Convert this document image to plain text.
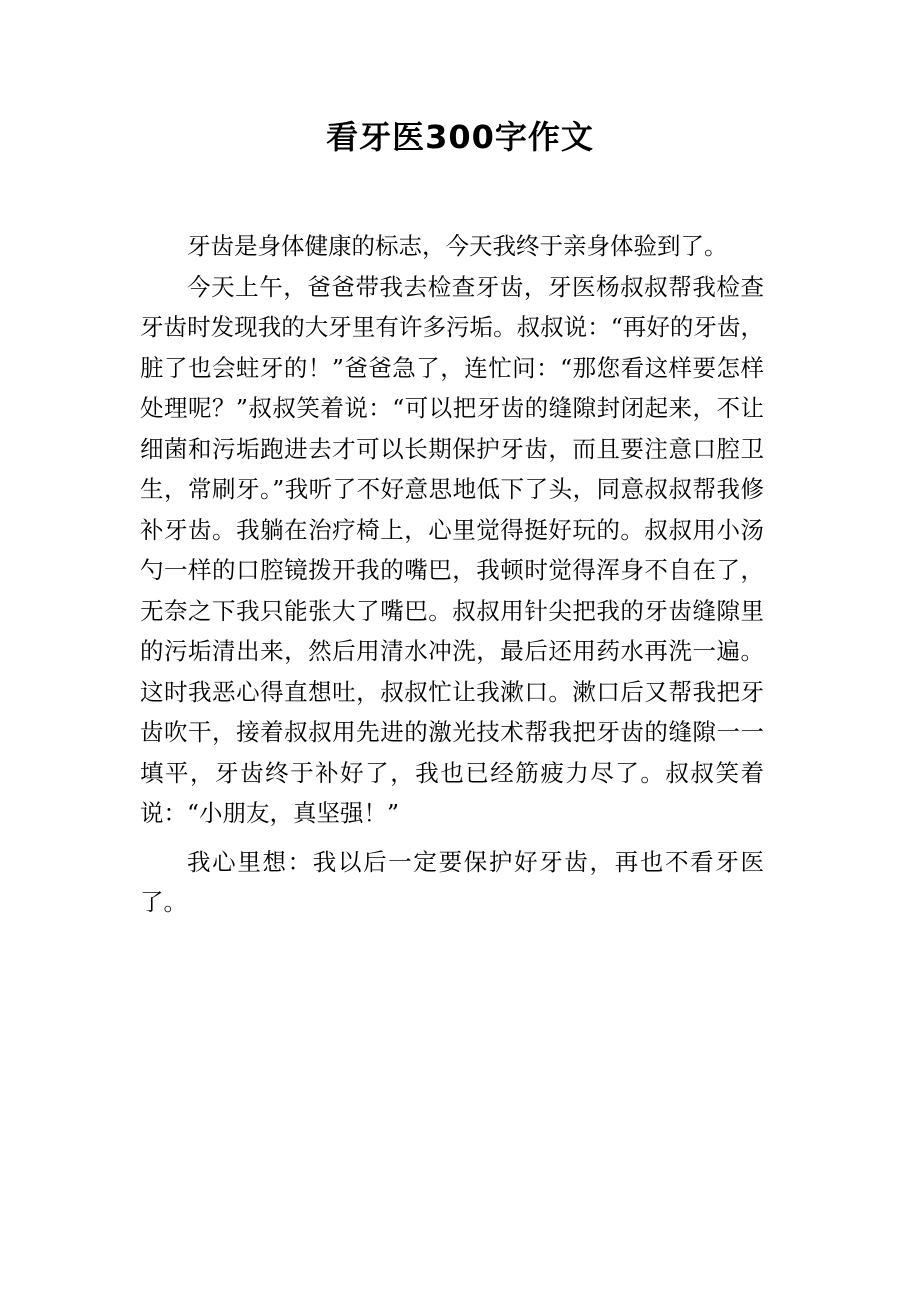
看牙医300字作文

牙齿是身体健康的标志，今天我终于亲身体验到了。

今天上午，爸爸带我去检查牙齿，牙医杨叔叔帮我检查牙齿时发现我的大牙里有许多污垢。叔叔说：“再好的牙齿，脏了也会蛀牙的！”爸爸急了，连忙问：“那您看这样要怎样处理呢？”叔叔笑着说：“可以把牙齿的缝隙封闭起来，不让细菌和污垢跑进去才可以长期保护牙齿，而且要注意口腔卫生，常刷牙。”我听了不好意思地低下了头，同意叔叔帮我修补牙齿。我躺在治疗椅上，心里觉得挺好玩的。叔叔用小汤勺一样的口腔镜拨开我的嘴巴，我顿时觉得浑身不自在了，无奈之下我只能张大了嘴巴。叔叔用针尖把我的牙齿缝隙里的污垢清出来，然后用清水冲洗，最后还用药水再洗一遍。这时我恶心得直想吐，叔叔忙让我漱口。漱口后又帮我把牙齿吹干，接着叔叔用先进的激光技术帮我把牙齿的缝隙一一填平，牙齿终于补好了，我也已经筋疲力尽了。叔叔笑着说：“小朋友，真坚强！”

我心里想：我以后一定要保护好牙齿，再也不看牙医了。
